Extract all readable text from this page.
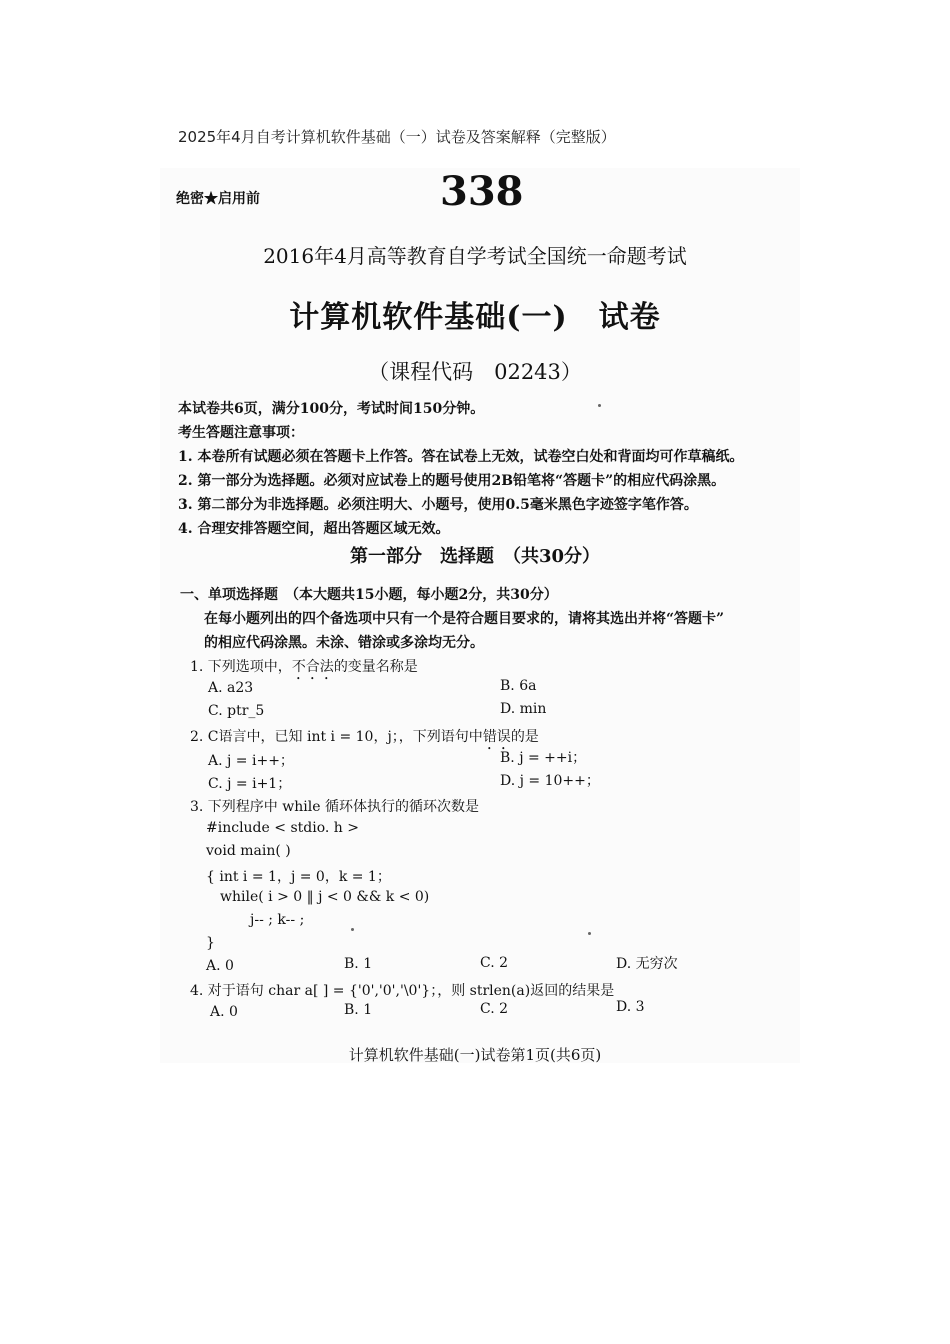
2025年4月自考计算机软件基础（一）试卷及答案解释（完整版）
绝密★启用前	338
2016年4月高等教育自学考试全国统一命题考试
计算机软件基础(一)　试卷
（课程代码　02243）
本试卷共6页，满分100分，考试时间150分钟。
考生答题注意事项：
1. 本卷所有试题必须在答题卡上作答。答在试卷上无效，试卷空白处和背面均可作草稿纸。
2. 第一部分为选择题。必须对应试卷上的题号使用2B铅笔将“答题卡”的相应代码涂黑。
3. 第二部分为非选择题。必须注明大、小题号，使用0.5毫米黑色字迹签字笔作答。
4. 合理安排答题空间，超出答题区域无效。
第一部分　选择题　（共30分）
一、单项选择题　（本大题共15小题，每小题2分，共30分）
在每小题列出的四个备选项中只有一个是符合题目要求的，请将其选出并将“答题卡”
的相应代码涂黑。未涂、错涂或多涂均无分。
1. 下列选项中，不合法的变量名称是
A. a23	B. 6a
C. ptr_5	D. min
2. C语言中，已知 int i = 10，j；，下列语句中错误的是
A. j = i++；	B. j = ++i；
C. j = i+1；	D. j = 10++；
3. 下列程序中 while 循环体执行的循环次数是
#include < stdio. h >
void main( )
{ int i = 1，j = 0，k = 1；
while( i > 0 ‖ j < 0 && k < 0)
j-- ; k-- ;
}
A. 0	B. 1	C. 2	D. 无穷次
4. 对于语句 char a[ ] = {'0','0','\0'}；，则 strlen(a)返回的结果是
A. 0	B. 1	C. 2	D. 3
计算机软件基础(一)试卷第1页(共6页)
